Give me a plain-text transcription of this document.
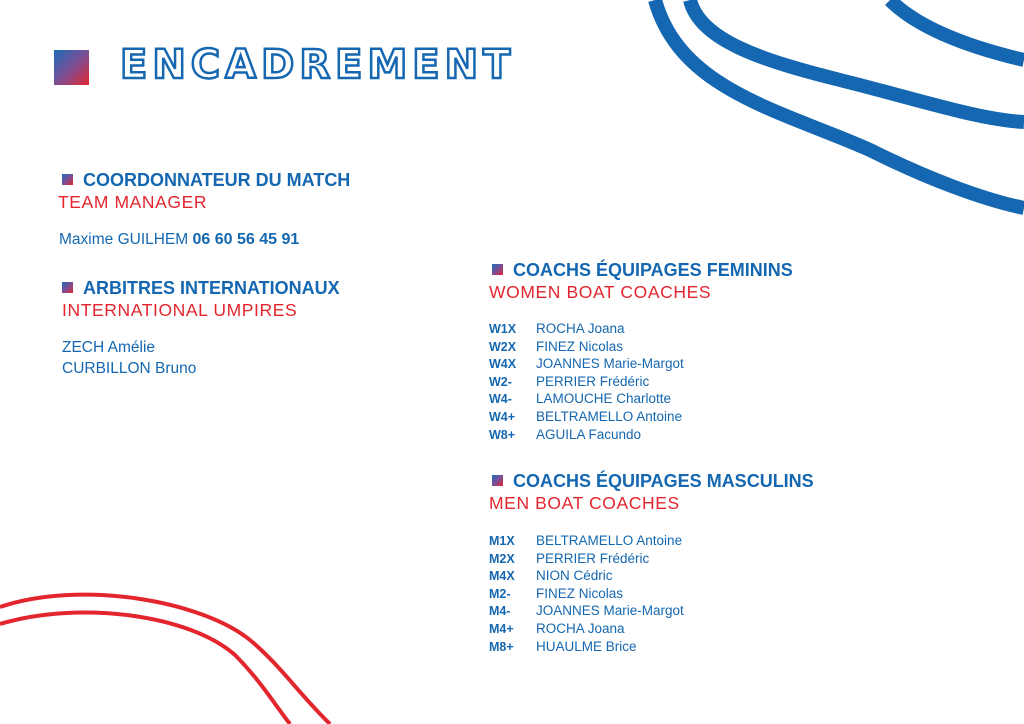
ENCADREMENT
COORDONNATEUR DU MATCH
TEAM MANAGER
Maxime GUILHEM 06 60 56 45 91
ARBITRES INTERNATIONAUX
INTERNATIONAL UMPIRES
ZECH Amélie
CURBILLON Bruno
COACHS ÉQUIPAGES FEMININS
WOMEN BOAT COACHES
W1X ROCHA Joana
W2X FINEZ Nicolas
W4X JOANNES Marie-Margot
W2- PERRIER Frédéric
W4- LAMOUCHE Charlotte
W4+ BELTRAMELLO Antoine
W8+ AGUILA Facundo
COACHS ÉQUIPAGES MASCULINS
MEN BOAT COACHES
M1X BELTRAMELLO Antoine
M2X PERRIER Frédéric
M4X NION Cédric
M2- FINEZ Nicolas
M4- JOANNES Marie-Margot
M4+ ROCHA Joana
M8+ HUAULME Brice
